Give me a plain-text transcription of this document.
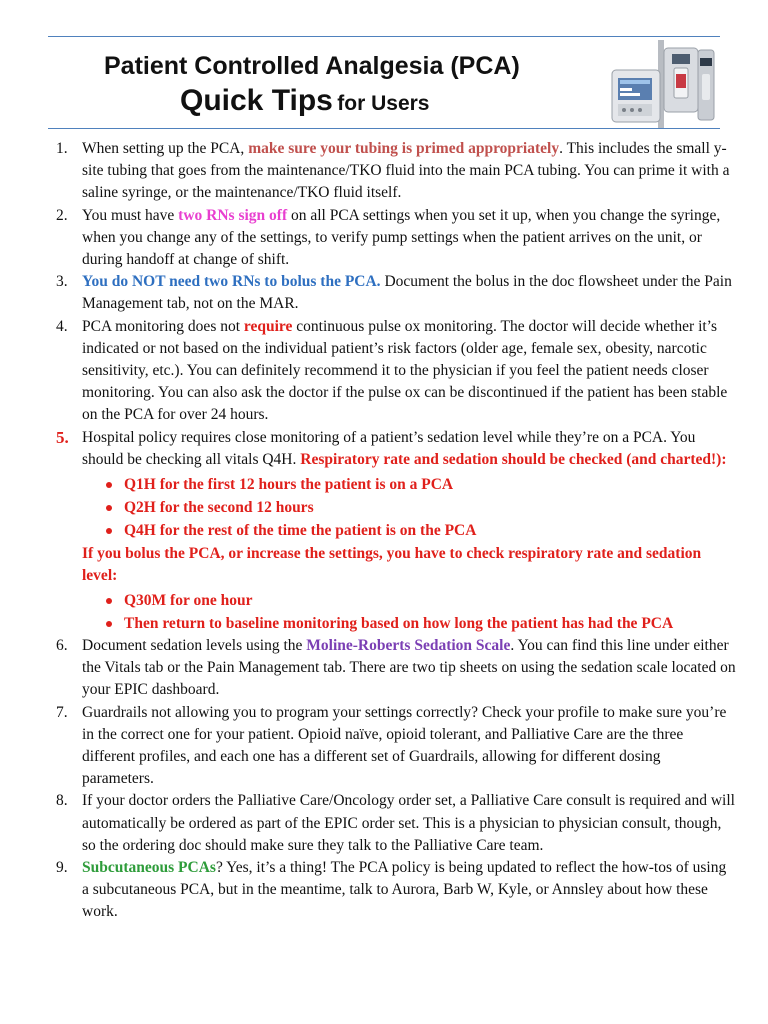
Patient Controlled Analgesia (PCA)
Quick Tips for Users
1. When setting up the PCA, make sure your tubing is primed appropriately. This includes the small y-site tubing that goes from the maintenance/TKO fluid into the main PCA tubing. You can prime it with a saline syringe, or the maintenance/TKO fluid itself.
2. You must have two RNs sign off on all PCA settings when you set it up, when you change the syringe, when you change any of the settings, to verify pump settings when the patient arrives on the unit, or during handoff at change of shift.
3. You do NOT need two RNs to bolus the PCA. Document the bolus in the doc flowsheet under the Pain Management tab, not on the MAR.
4. PCA monitoring does not require continuous pulse ox monitoring. The doctor will decide whether it’s indicated or not based on the individual patient’s risk factors (older age, female sex, obesity, narcotic sensitivity, etc.). You can definitely recommend it to the physician if you feel the patient needs closer monitoring. You can also ask the doctor if the pulse ox can be discontinued if the patient has been stable on the PCA for over 24 hours.
5. Hospital policy requires close monitoring of a patient’s sedation level while they’re on a PCA. You should be checking all vitals Q4H. Respiratory rate and sedation should be checked (and charted!):
Q1H for the first 12 hours the patient is on a PCA
Q2H for the second 12 hours
Q4H for the rest of the time the patient is on the PCA
If you bolus the PCA, or increase the settings, you have to check respiratory rate and sedation level:
Q30M for one hour
Then return to baseline monitoring based on how long the patient has had the PCA
6. Document sedation levels using the Moline-Roberts Sedation Scale. You can find this line under either the Vitals tab or the Pain Management tab. There are two tip sheets on using the sedation scale located on your EPIC dashboard.
7. Guardrails not allowing you to program your settings correctly? Check your profile to make sure you’re in the correct one for your patient. Opioid naïve, opioid tolerant, and Palliative Care are the three different profiles, and each one has a different set of Guardrails, allowing for different dosing parameters.
8. If your doctor orders the Palliative Care/Oncology order set, a Palliative Care consult is required and will automatically be ordered as part of the EPIC order set. This is a physician to physician consult, though, so the ordering doc should make sure they talk to the Palliative Care team.
9. Subcutaneous PCAs? Yes, it’s a thing! The PCA policy is being updated to reflect the how-tos of using a subcutaneous PCA, but in the meantime, talk to Aurora, Barb W, Kyle, or Annsley about how these work.
